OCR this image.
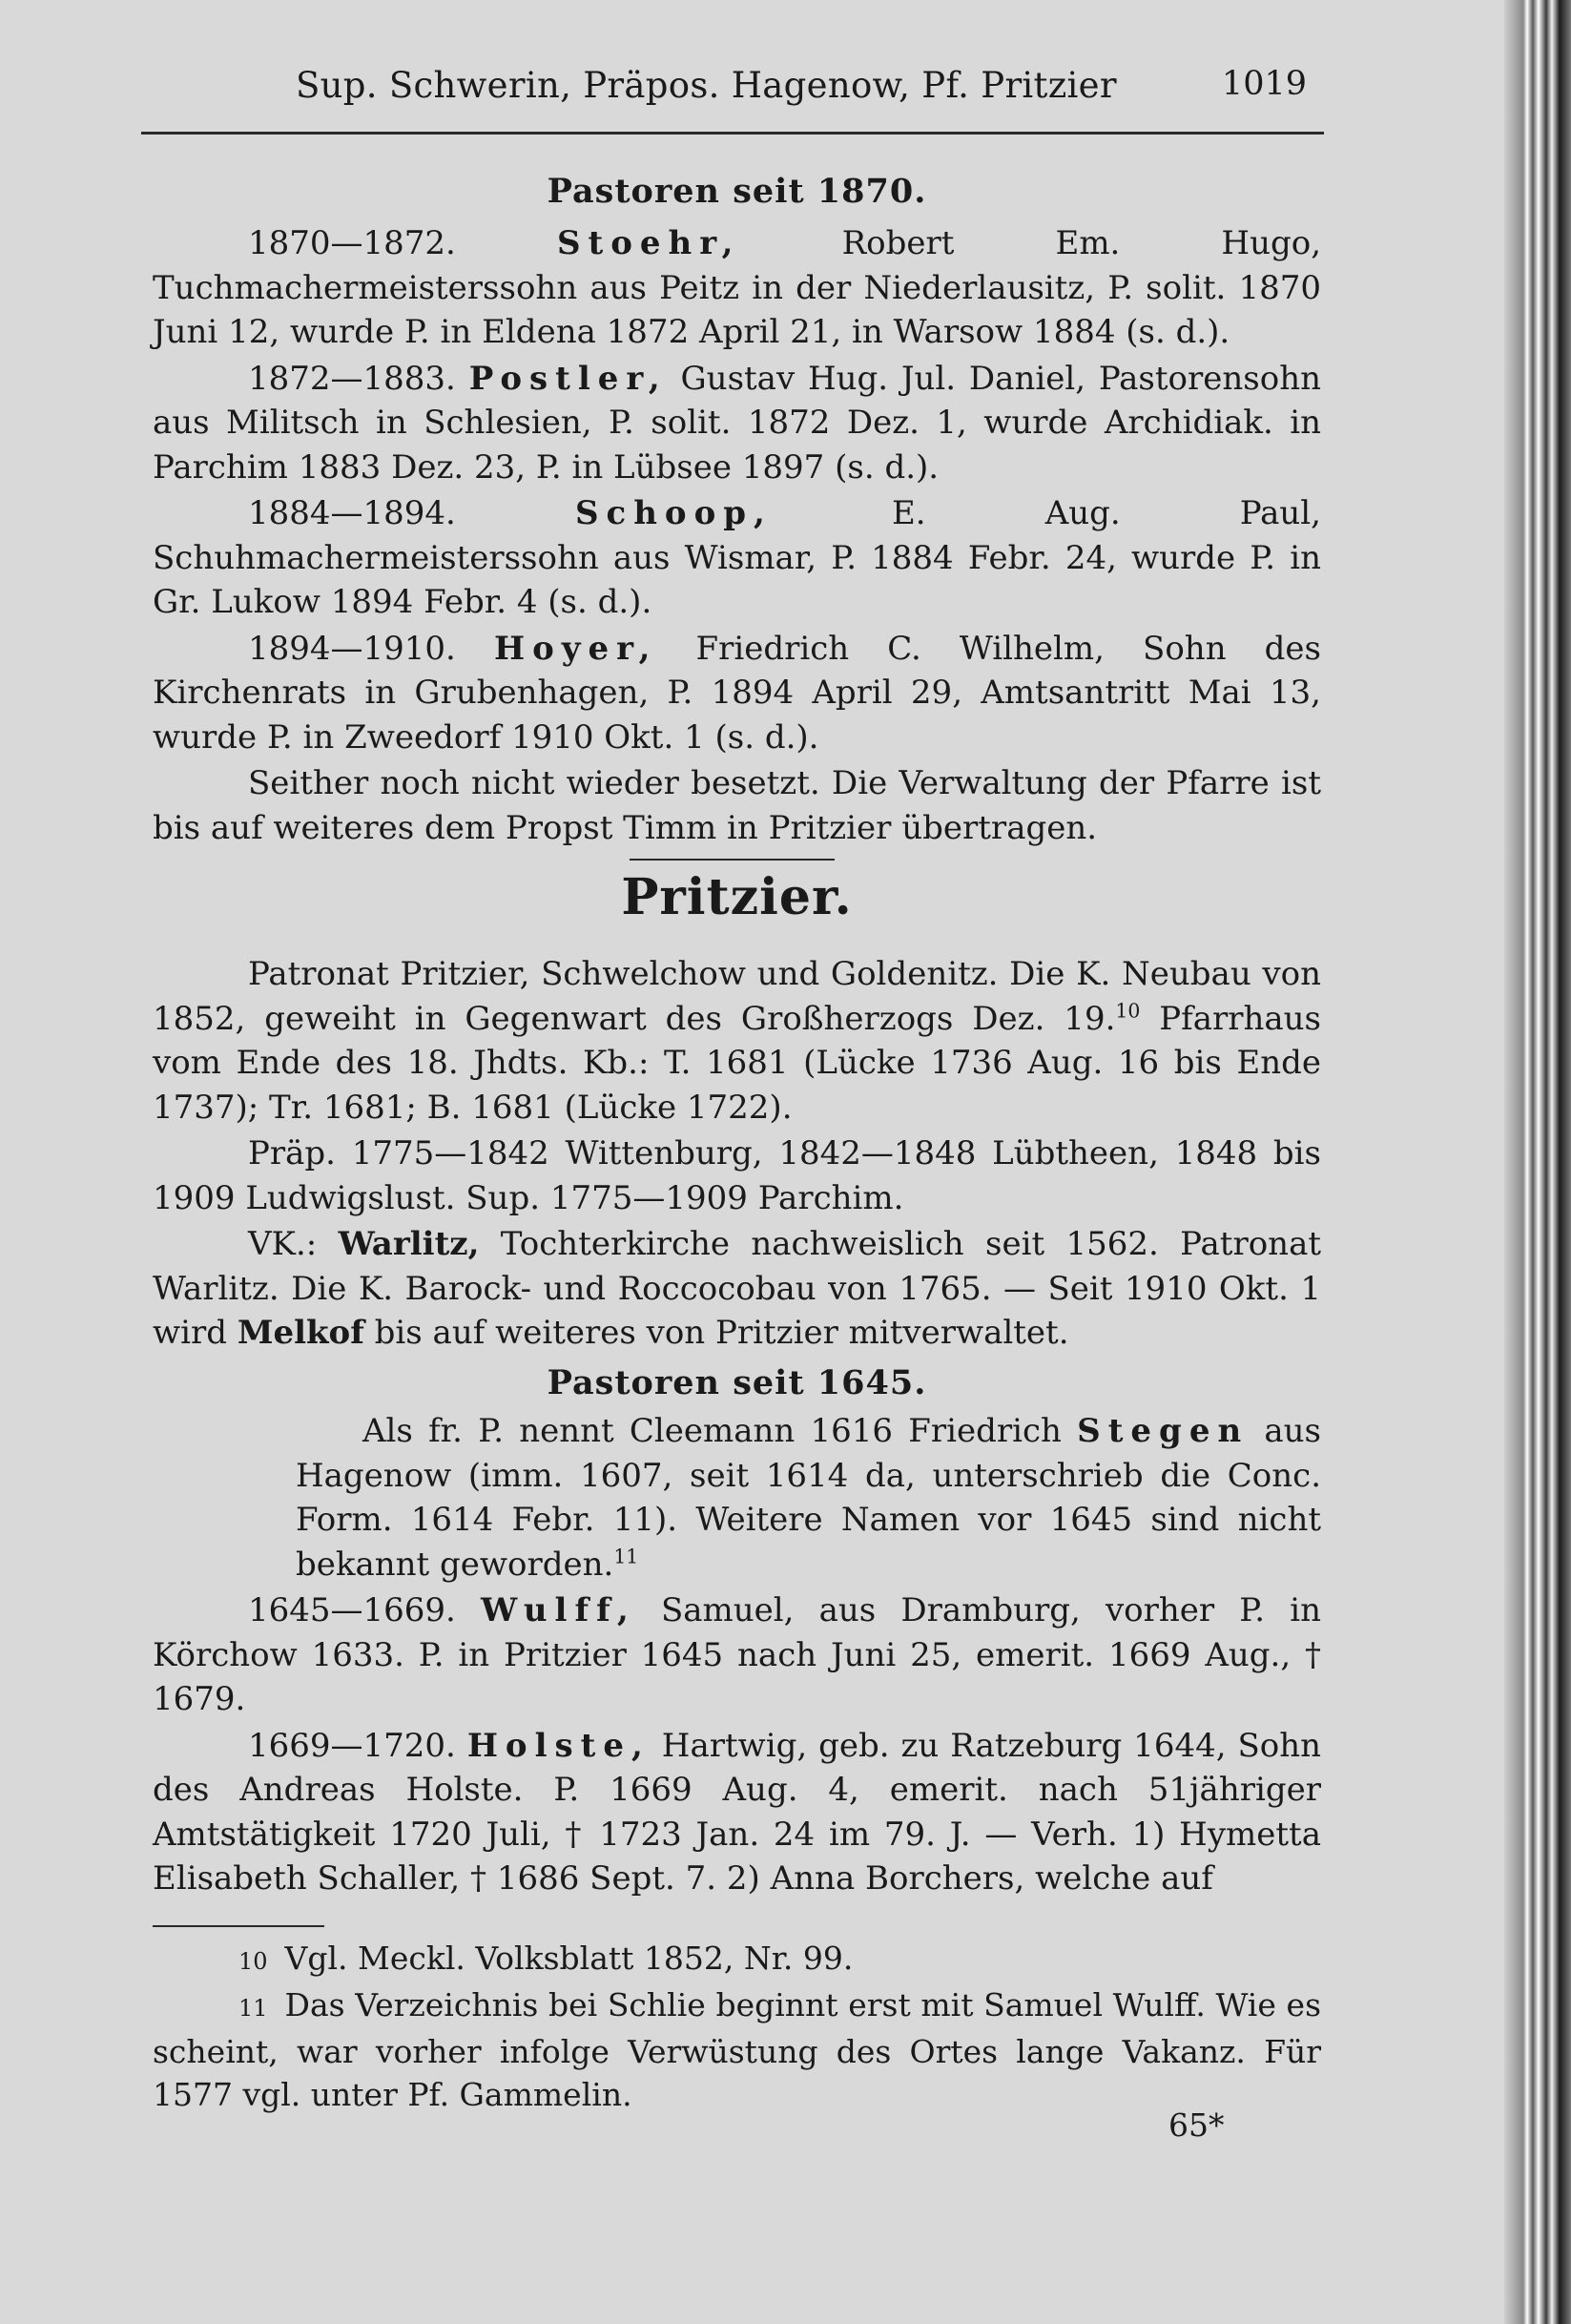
Sup. Schwerin, Präpos. Hagenow, Pf. Pritzier	1019
Pastoren seit 1870.

1870—1872.	Stoehr,	Robert Em. Hugo, Tuchmachermeisterssohn aus Peitz in der Niederlausitz, P. solit. 1870 Juni 12, wurde P. in Eldena 1872 April 21, in Warsow 1884 (s. d.).

1872—1883. Postler, Gustav Hug. Jul. Daniel, Pastorensohn aus Militsch in Schlesien, P. solit. 1872 Dez. 1, wurde Archidiak. in Parchim 1883 Dez. 23, P. in Lübsee 1897 (s. d.).

1884—1894.	Schoop,	E. Aug. Paul, Schuhmachermeisterssohn aus Wismar, P. 1884 Febr. 24, wurde P. in Gr. Lukow 1894 Febr. 4 (s. d.).

1894—1910. Hoyer, Friedrich C. Wilhelm, Sohn des Kirchenrats in Grubenhagen, P. 1894 April 29, Amtsantritt Mai 13, wurde P. in Zweedorf 1910 Okt. 1 (s. d.).

Seither noch nicht wieder besetzt. Die Verwaltung der Pfarre ist bis auf weiteres dem Propst Timm in Pritzier übertragen.

Pritzier.

Patronat Pritzier, Schwelchow und Goldenitz. Die K. Neubau von 1852, geweiht in Gegenwart des Großherzogs Dez. 19.10 Pfarrhaus vom Ende des 18. Jhdts. Kb.: T. 1681 (Lücke 1736 Aug. 16 bis Ende 1737); Tr. 1681; B. 1681 (Lücke 1722).

Präp. 1775—1842 Wittenburg, 1842—1848 Lübtheen, 1848 bis 1909 Ludwigslust. Sup. 1775—1909 Parchim.

VK.: Warlitz, Tochterkirche nachweislich seit 1562. Patronat Warlitz. Die K. Barock- und Roccocobau von 1765. — Seit 1910 Okt. 1 wird Melkof bis auf weiteres von Pritzier mitverwaltet.

Pastoren seit 1645.

Als fr. P. nennt Cleemann 1616 Friedrich Stegen aus Hagenow (imm. 1607, seit 1614 da, unterschrieb die Conc. Form. 1614 Febr. 11). Weitere Namen vor 1645 sind nicht bekannt geworden.$^{11}$

1645—1669. Wulff, Samuel, aus Dramburg, vorher P. in Körchow 1633. P. in Pritzier 1645 nach Juni 25, emerit. 1669 Aug., † 1679.

1669—1720. Holste, Hartwig, geb. zu Ratzeburg 1644, Sohn des Andreas Holste. P. 1669 Aug. 4, emerit. nach 51jähriger Amtstätigkeit 1720 Juli, † 1723 Jan. 24 im 79. J. — Verh. 1) Hymetta Elisabeth Schaller, † 1686 Sept. 7. 2) Anna Borchers, welche auf

10 Vgl. Meckl. Volksblatt 1852, Nr. 99.

11 Das Verzeichnis bei Schlie beginnt erst mit Samuel Wulff. Wie es scheint, war vorher infolge Verwüstung des Ortes lange Vakanz. Für 1577 vgl. unter Pf. Gammelin.

65*
